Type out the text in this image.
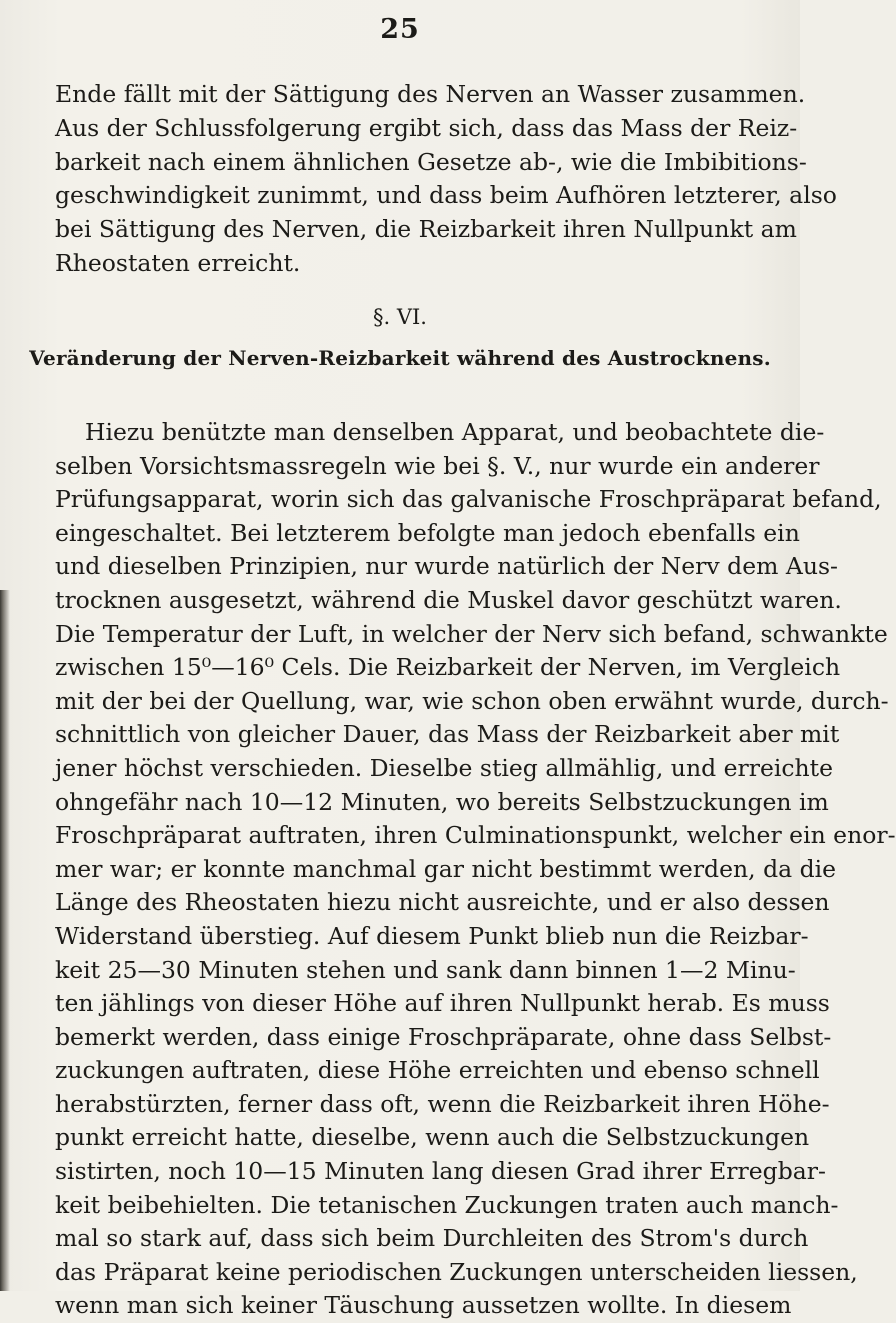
25
Ende fällt mit der Sättigung des Nerven an Wasser zusammen.
Aus der Schlussfolgerung ergibt sich, dass das Mass der Reiz-
barkeit nach einem ähnlichen Gesetze ab-, wie die Imbibitions-
geschwindigkeit zunimmt, und dass beim Aufhören letzterer, also
bei Sättigung des Nerven, die Reizbarkeit ihren Nullpunkt am
Rheostaten erreicht.
§. VI.
Veränderung der Nerven-Reizbarkeit während des Austrocknens.
Hiezu benützte man denselben Apparat, und beobachtete die-
selben Vorsichtsmassregeln wie bei §. V., nur wurde ein anderer
Prüfungsapparat, worin sich das galvanische Froschpräparat befand,
eingeschaltet. Bei letzterem befolgte man jedoch ebenfalls ein
und dieselben Prinzipien, nur wurde natürlich der Nerv dem Aus-
trocknen ausgesetzt, während die Muskel davor geschützt waren.
Die Temperatur der Luft, in welcher der Nerv sich befand, schwankte
zwischen 15⁰—16⁰ Cels. Die Reizbarkeit der Nerven, im Vergleich
mit der bei der Quellung, war, wie schon oben erwähnt wurde, durch-
schnittlich von gleicher Dauer, das Mass der Reizbarkeit aber mit
jener höchst verschieden. Dieselbe stieg allmählig, und erreichte
ohngefähr nach 10—12 Minuten, wo bereits Selbstzuckungen im
Froschpräparat auftraten, ihren Culminationspunkt, welcher ein enor-
mer war; er konnte manchmal gar nicht bestimmt werden, da die
Länge des Rheostaten hiezu nicht ausreichte, und er also dessen
Widerstand überstieg. Auf diesem Punkt blieb nun die Reizbar-
keit 25—30 Minuten stehen und sank dann binnen 1—2 Minu-
ten jählings von dieser Höhe auf ihren Nullpunkt herab. Es muss
bemerkt werden, dass einige Froschpräparate, ohne dass Selbst-
zuckungen auftraten, diese Höhe erreichten und ebenso schnell
herabstürzten, ferner dass oft, wenn die Reizbarkeit ihren Höhe-
punkt erreicht hatte, dieselbe, wenn auch die Selbstzuckungen
sistirten, noch 10—15 Minuten lang diesen Grad ihrer Erregbar-
keit beibehielten. Die tetanischen Zuckungen traten auch manch-
mal so stark auf, dass sich beim Durchleiten des Strom's durch
das Präparat keine periodischen Zuckungen unterscheiden liessen,
wenn man sich keiner Täuschung aussetzen wollte. In diesem
